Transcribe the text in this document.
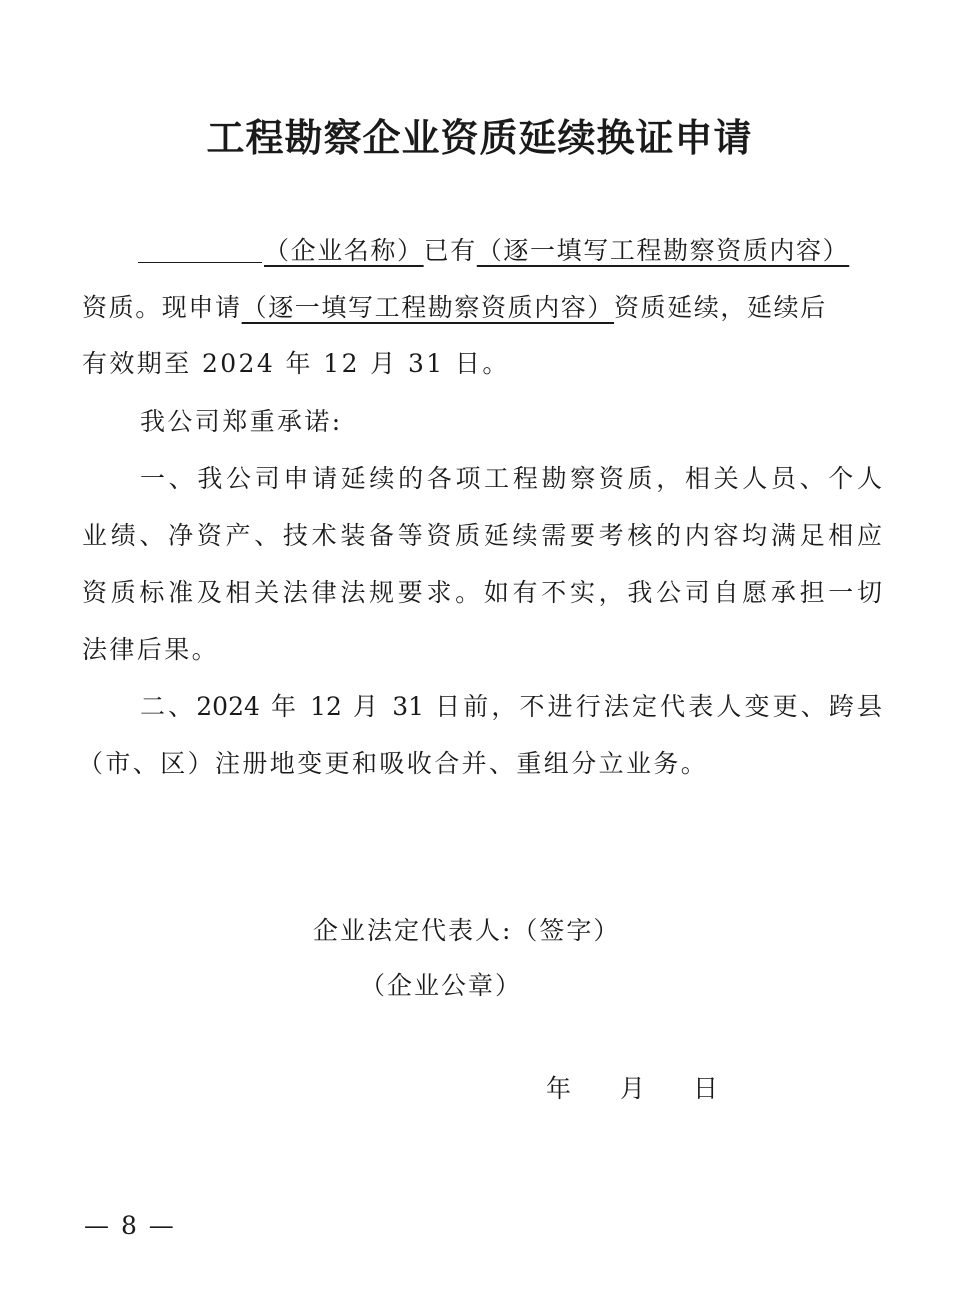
工程勘察企业资质延续换证申请
（企业名称）已有（逐一填写工程勘察资质内容）
资质。现申请（逐一填写工程勘察资质内容）资质延续，延续后
有效期至 2024 年 12 月 31 日。
我公司郑重承诺:
一、我公司申请延续的各项工程勘察资质，相关人员、个人
业绩、净资产、技术装备等资质延续需要考核的内容均满足相应
资质标准及相关法律法规要求。如有不实，我公司自愿承担一切
法律后果。
二、2024 年 12 月 31 日前，不进行法定代表人变更、跨县
（市、区）注册地变更和吸收合并、重组分立业务。
企业法定代表人:（签字）
（企业公章）
年 月 日
— 8 —
